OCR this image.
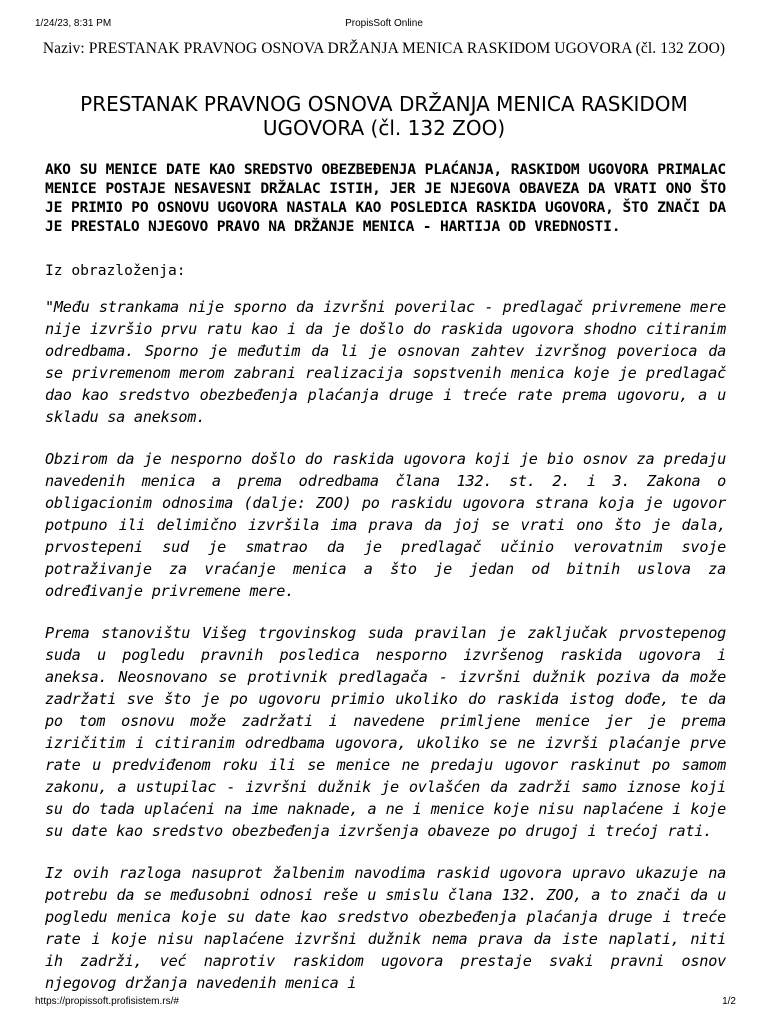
1/24/23, 8:31 PM	PropisSoft Online
Naziv: PRESTANAK PRAVNOG OSNOVA DRŽANJA MENICA RASKIDOM UGOVORA (čl. 132 ZOO)
PRESTANAK PRAVNOG OSNOVA DRŽANJA MENICA RASKIDOM UGOVORA (čl. 132 ZOO)

AKO SU MENICE DATE KAO SREDSTVO OBEZBEĐENJA PLAĆANJA, RASKIDOM UGOVORA PRIMALAC MENICE POSTAJE NESAVESNI DRŽALAC ISTIH, JER JE NJEGOVA OBAVEZA DA VRATI ONO ŠTO JE PRIMIO PO OSNOVU UGOVORA NASTALA KAO POSLEDICA RASKIDA UGOVORA, ŠTO ZNAČI DA JE PRESTALO NJEGOVO PRAVO NA DRŽANJE MENICA - HARTIJA OD VREDNOSTI.

Iz obrazloženja:

"Među strankama nije sporno da izvršni poverilac - predlagač privremene mere nije izvršio prvu ratu kao i da je došlo do raskida ugovora shodno citiranim odredbama. Sporno je međutim da li je osnovan zahtev izvršnog poverioca da se privremenom merom zabrani realizacija sopstvenih menica koje je predlagač dao kao sredstvo obezbeđenja plaćanja druge i treće rate prema ugovoru, a u skladu sa aneksom.

Obzirom da je nesporno došlo do raskida ugovora koji je bio osnov za predaju navedenih menica a prema odredbama člana 132. st. 2. i 3. Zakona o obligacionim odnosima (dalje: ZOO) po raskidu ugovora strana koja je ugovor potpuno ili delimično izvršila ima prava da joj se vrati ono što je dala, prvostepeni sud je smatrao da je predlagač učinio verovatnim svoje potraživanje za vraćanje menica a što je jedan od bitnih uslova za određivanje privremene mere.

Prema stanovištu Višeg trgovinskog suda pravilan je zaključak prvostepenog suda u pogledu pravnih posledica nesporno izvršenog raskida ugovora i aneksa. Neosnovano se protivnik predlagača - izvršni dužnik poziva da može zadržati sve što je po ugovoru primio ukoliko do raskida istog dođe, te da po tom osnovu može zadržati i navedene primljene menice jer je prema izričitim i citiranim odredbama ugovora, ukoliko se ne izvrši plaćanje prve rate u predviđenom roku ili se menice ne predaju ugovor raskinut po samom zakonu, a ustupilac - izvršni dužnik je ovlašćen da zadrži samo iznose koji su do tada uplaćeni na ime naknade, a ne i menice koje nisu naplaćene i koje su date kao sredstvo obezbeđenja izvršenja obaveze po drugoj i trećoj rati.

Iz ovih razloga nasuprot žalbenim navodima raskid ugovora upravo ukazuje na potrebu da se međusobni odnosi reše u smislu člana 132. ZOO, a to znači da u pogledu menica koje su date kao sredstvo obezbeđenja plaćanja druge i treće rate i koje nisu naplaćene izvršni dužnik nema prava da iste naplati, niti ih zadrži, već naprotiv raskidom ugovora prestaje svaki pravni osnov njegovog držanja navedenih menica i

https://propissoft.profisistem.rs/#	1/2
